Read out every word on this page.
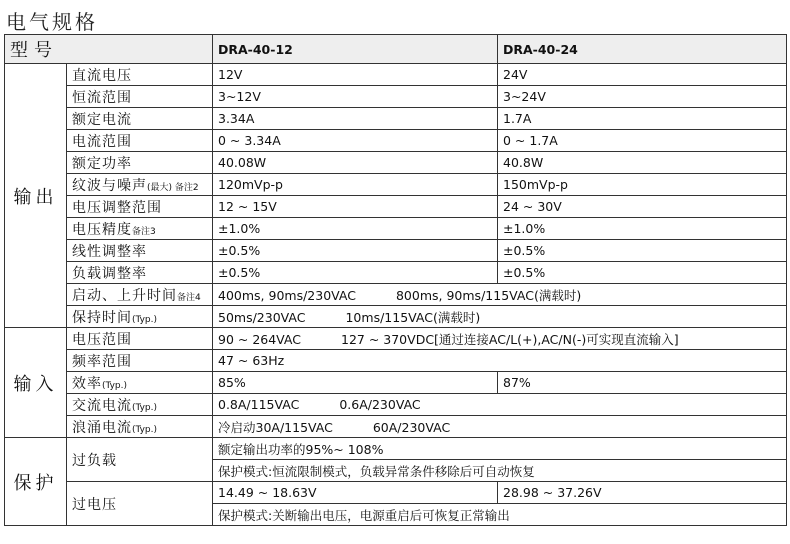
电气规格
型号		DRA-40-12	DRA-40-24
输出	直流电压	12V	24V
	恒流范围	3~12V	3~24V
	额定电流	3.34A	1.7A
	电流范围	0 ~ 3.34A	0 ~ 1.7A
	额定功率	40.08W	40.8W
	纹波与噪声(最大) 备注2	120mVp-p	150mVp-p
	电压调整范围	12 ~ 15V	24 ~ 30V
	电压精度备注3	±1.0%	±1.0%
	线性调整率	±0.5%	±0.5%
	负载调整率	±0.5%	±0.5%
	启动、上升时间备注4	400ms, 90ms/230VAC 800ms, 90ms/115VAC(满载时)	
	保持时间(Typ.)	50ms/230VAC 10ms/115VAC(满载时)	
输入	电压范围	90 ~ 264VAC 127 ~ 370VDC[通过连接AC/L(+),AC/N(-)可实现直流输入]	
	频率范围	47 ~ 63Hz	
	效率(Typ.)	85%	87%
	交流电流(Typ.)	0.8A/115VAC 0.6A/230VAC	
	浪涌电流(Typ.)	冷启动30A/115VAC 60A/230VAC	
保护	过负载	额定输出功率的95%~ 108%	
		保护模式:恒流限制模式，负载异常条件移除后可自动恢复	
	过电压	14.49 ~ 18.63V	28.98 ~ 37.26V
		保护模式:关断输出电压，电源重启后可恢复正常输出	
